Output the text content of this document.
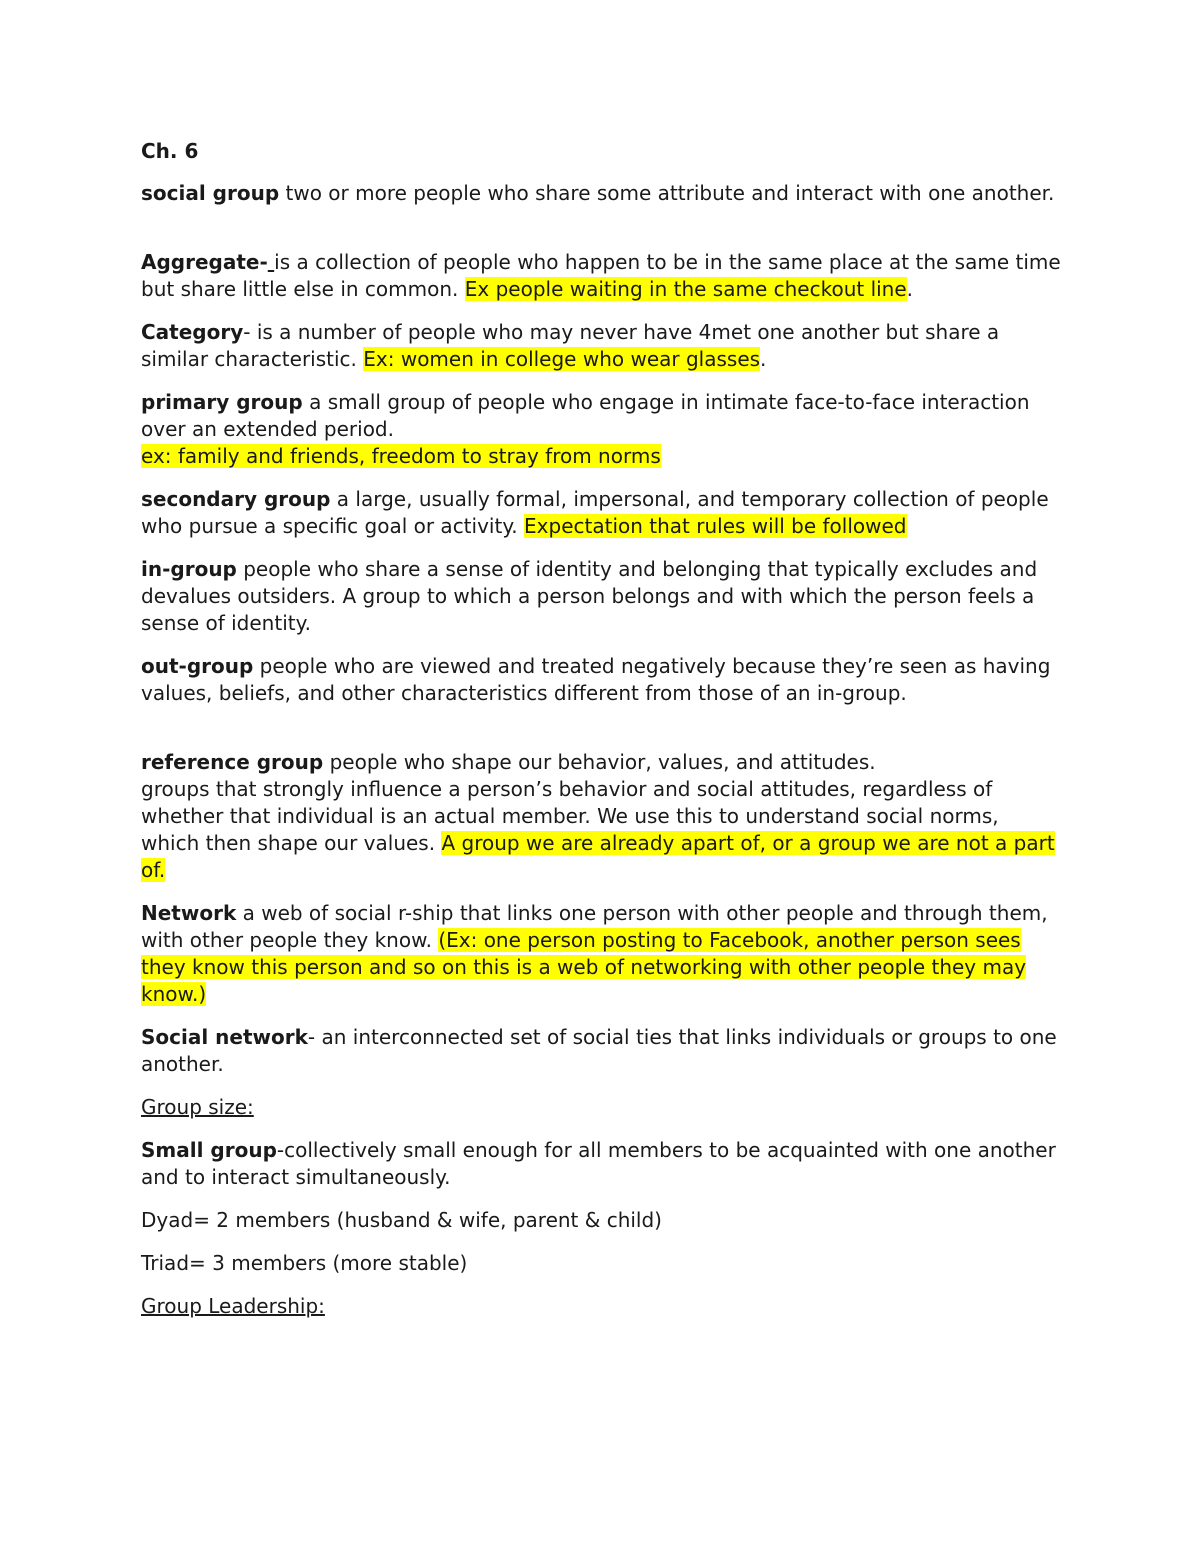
Ch. 6

social group two or more people who share some attribute and interact with one another.

Aggregate- is a collection of people who happen to be in the same place at the same time but share little else in common. Ex people waiting in the same checkout line.

Category- is a number of people who may never have 4met one another but share a similar characteristic. Ex: women in college who wear glasses.

primary group a small group of people who engage in intimate face-to-face interaction over an extended period.
ex: family and friends, freedom to stray from norms

secondary group a large, usually formal, impersonal, and temporary collection of people who pursue a specific goal or activity. Expectation that rules will be followed

in-group people who share a sense of identity and belonging that typically excludes and devalues outsiders. A group to which a person belongs and with which the person feels a sense of identity.

out-group people who are viewed and treated negatively because they’re seen as having values, beliefs, and other characteristics different from those of an in-group.

reference group people who shape our behavior, values, and attitudes.
groups that strongly influence a person’s behavior and social attitudes, regardless of whether that individual is an actual member. We use this to understand social norms, which then shape our values. A group we are already apart of, or a group we are not a part of.

Network a web of social r-ship that links one person with other people and through them, with other people they know. (Ex: one person posting to Facebook, another person sees they know this person and so on this is a web of networking with other people they may know.)

Social network- an interconnected set of social ties that links individuals or groups to one another.

Group size:

Small group-collectively small enough for all members to be acquainted with one another and to interact simultaneously.

Dyad= 2 members (husband & wife, parent & child)

Triad= 3 members (more stable)

Group Leadership:
